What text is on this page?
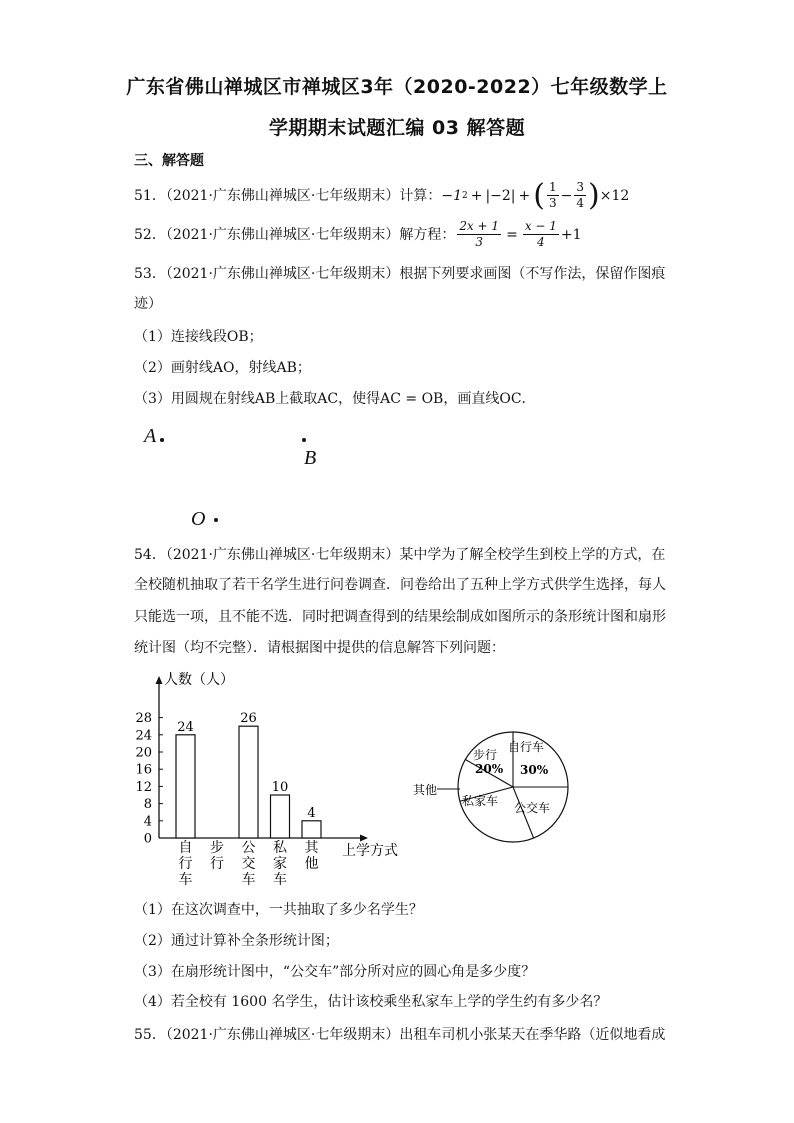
广东省佛山禅城区市禅城区3年（2020-2022）七年级数学上
学期期末试题汇编 03 解答题
三、解答题
51．（2021·广东佛山禅城区·七年级期末）计算： −1 2 + |−2| + ( $\frac{1}{3} - \frac{3}{4}$ ) ×12
52．（2021·广东佛山禅城区·七年级期末）解方程： $\frac{2x + 1}{3} = \frac{x - 1}{4} +1$
53．（2021·广东佛山禅城区·七年级期末）根据下列要求画图（不写作法，保留作图痕
迹）
（1）连接线段OB；
（2）画射线AO，射线AB；
（3）用圆规在射线AB上截取AC，使得AC = OB，画直线OC．
A
B
O
54．（2021·广东佛山禅城区·七年级期末）某中学为了解全校学生到校上学的方式，在
全校随机抽取了若干名学生进行问卷调查．问卷给出了五种上学方式供学生选择，每人
只能选一项，且不能不选．同时把调查得到的结果绘制成如图所示的条形统计图和扇形
统计图（均不完整）．请根据图中提供的信息解答下列问题：
人数（人）
上学方式
0
4
8
12
16
20
24
28
24
自
行
车
步
行
26
公
交
车
10
私
家
车
4
其
他
其他
步行
20%
自行车
30%
私家车 公交车
（1）在这次调查中，一共抽取了多少名学生？
（2）通过计算补全条形统计图；
（3）在扇形统计图中，“公交车”部分所对应的圆心角是多少度？
（4）若全校有 1600 名学生，估计该校乘坐私家车上学的学生约有多少名？
55．（2021·广东佛山禅城区·七年级期末）出租车司机小张某天在季华路（近似地看成
